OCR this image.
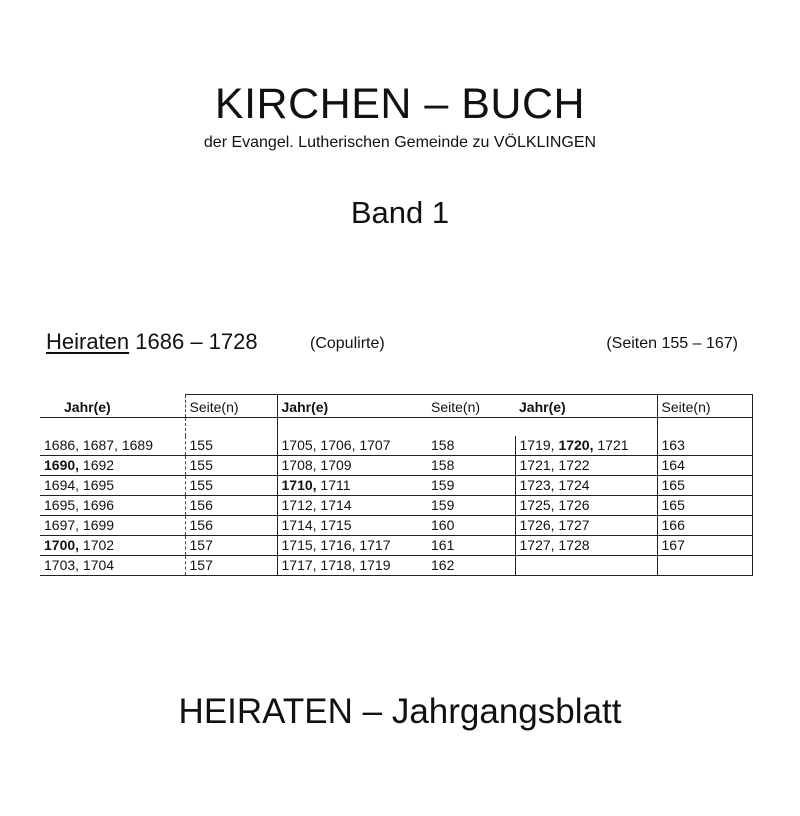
KIRCHEN – BUCH
der Evangel. Lutherischen Gemeinde zu VÖLKLINGEN
Band 1
Heiraten 1686 – 1728	(Copulirte)	(Seiten 155 – 167)
Jahr(e)	Seite(n)	Jahr(e)	Seite(n)	Jahr(e)	Seite(n)

1686, 1687, 1689	155	1705, 1706, 1707	158	1719, 1720, 1721	163
1690, 1692	155	1708, 1709	158	1721, 1722	164
1694, 1695	155	1710, 1711	159	1723, 1724	165
1695, 1696	156	1712, 1714	159	1725, 1726	165
1697, 1699	156	1714, 1715	160	1726, 1727	166
1700, 1702	157	1715, 1716, 1717	161	1727, 1728	167
1703, 1704	157	1717, 1718, 1719	162		
HEIRATEN – Jahrgangsblatt
